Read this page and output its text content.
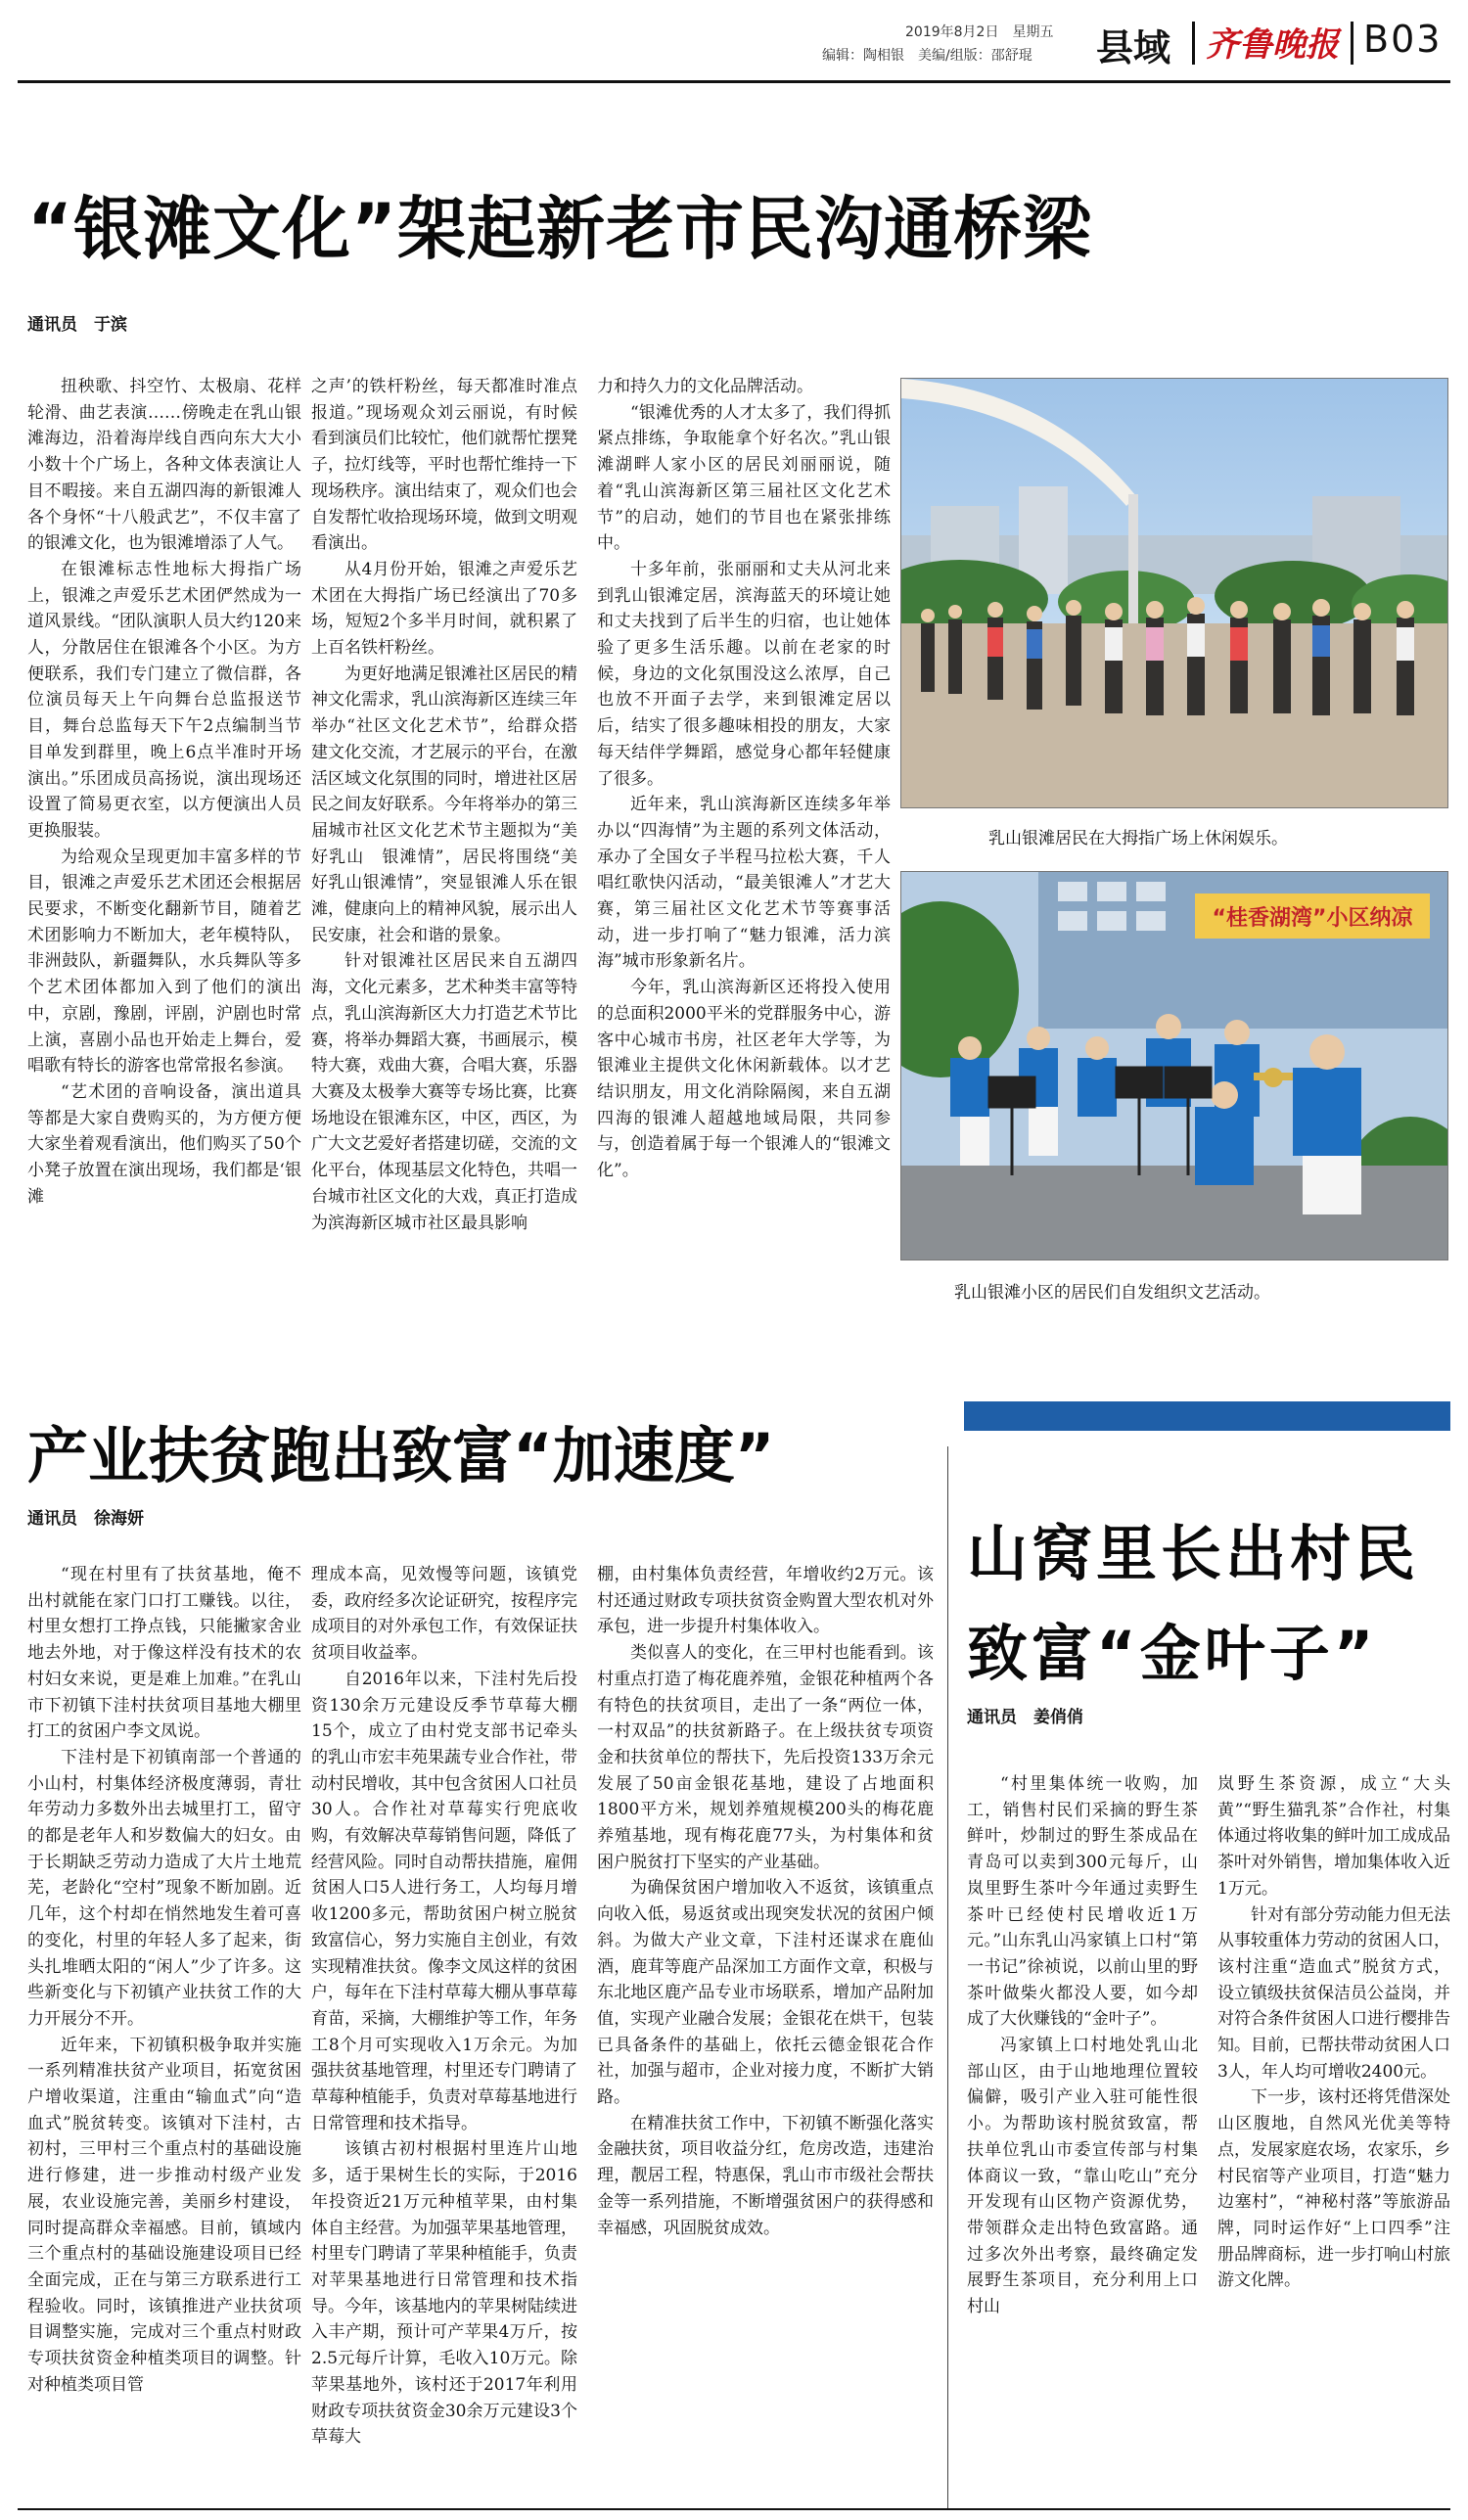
2019年8月2日　星期五
编辑：陶相银　美编/组版：邵舒琨 县域 齐鲁晚报 B03
“银滩文化”架起新老市民沟通桥梁
通讯员　于滨

扭秧歌、抖空竹、太极扇、花样轮滑、曲艺表演……傍晚走在乳山银滩海边，沿着海岸线自西向东大大小小数十个广场上，各种文体表演让人目不暇接。来自五湖四海的新银滩人各个身怀“十八般武艺”，不仅丰富了的银滩文化，也为银滩增添了人气。

在银滩标志性地标大拇指广场上，银滩之声爱乐艺术团俨然成为一道风景线。“团队演职人员大约120来人，分散居住在银滩各个小区。为方便联系，我们专门建立了微信群，各位演员每天上午向舞台总监报送节目，舞台总监每天下午2点编制当节目单发到群里，晚上6点半准时开场演出。”乐团成员高扬说，演出现场还设置了简易更衣室，以方便演出人员更换服装。

为给观众呈现更加丰富多样的节目，银滩之声爱乐艺术团还会根据居民要求，不断变化翻新节目，随着艺术团影响力不断加大，老年模特队，非洲鼓队，新疆舞队，水兵舞队等多个艺术团体都加入到了他们的演出中，京剧，豫剧，评剧，沪剧也时常上演，喜剧小品也开始走上舞台，爱唱歌有特长的游客也常常报名参演。

“艺术团的音响设备，演出道具等都是大家自费购买的，为方便方便大家坐着观看演出，他们购买了50个小凳子放置在演出现场，我们都是‘银滩

之声’的铁杆粉丝，每天都准时准点报道。”现场观众刘云丽说，有时候看到演员们比较忙，他们就帮忙摆凳子，拉灯线等，平时也帮忙维持一下现场秩序。演出结束了，观众们也会自发帮忙收拾现场环境，做到文明观看演出。

从4月份开始，银滩之声爱乐艺术团在大拇指广场已经演出了70多场，短短2个多半月时间，就积累了上百名铁杆粉丝。

为更好地满足银滩社区居民的精神文化需求，乳山滨海新区连续三年举办“社区文化艺术节”，给群众搭建文化交流，才艺展示的平台，在激活区域文化氛围的同时，增进社区居民之间友好联系。今年将举办的第三届城市社区文化艺术节主题拟为“美好乳山　银滩情”，居民将围绕“美好乳山银滩情”，突显银滩人乐在银滩，健康向上的精神风貌，展示出人民安康，社会和谐的景象。

针对银滩社区居民来自五湖四海，文化元素多，艺术种类丰富等特点，乳山滨海新区大力打造艺术节比赛，将举办舞蹈大赛，书画展示，模特大赛，戏曲大赛，合唱大赛，乐器大赛及太极拳大赛等专场比赛，比赛场地设在银滩东区，中区，西区，为广大文艺爱好者搭建切磋，交流的文化平台，体现基层文化特色，共唱一台城市社区文化的大戏，真正打造成为滨海新区城市社区最具影响

力和持久力的文化品牌活动。

“银滩优秀的人才太多了，我们得抓紧点排练，争取能拿个好名次。”乳山银滩湖畔人家小区的居民刘丽丽说，随着“乳山滨海新区第三届社区文化艺术节”的启动，她们的节目也在紧张排练中。

十多年前，张丽丽和丈夫从河北来到乳山银滩定居，滨海蓝天的环境让她和丈夫找到了后半生的归宿，也让她体验了更多生活乐趣。以前在老家的时候，身边的文化氛围没这么浓厚，自己也放不开面子去学，来到银滩定居以后，结实了很多趣味相投的朋友，大家每天结伴学舞蹈，感觉身心都年轻健康了很多。

近年来，乳山滨海新区连续多年举办以“四海情”为主题的系列文体活动，承办了全国女子半程马拉松大赛，千人唱红歌快闪活动，“最美银滩人”才艺大赛，第三届社区文化艺术节等赛事活动，进一步打响了“魅力银滩，活力滨海”城市形象新名片。

今年，乳山滨海新区还将投入使用的总面积2000平米的党群服务中心，游客中心城市书房，社区老年大学等，为银滩业主提供文化休闲新载体。以才艺结识朋友，用文化消除隔阂，来自五湖四海的银滩人超越地域局限，共同参与，创造着属于每一个银滩人的“银滩文化”。

乳山银滩居民在大拇指广场上休闲娱乐。
“桂香湖湾”小区纳凉
乳山银滩小区的居民们自发组织文艺活动。
产业扶贫跑出致富“加速度”
通讯员　徐海妍

“现在村里有了扶贫基地，俺不出村就能在家门口打工赚钱。以往，村里女想打工挣点钱，只能撇家舍业地去外地，对于像这样没有技术的农村妇女来说，更是难上加难。”在乳山市下初镇下洼村扶贫项目基地大棚里打工的贫困户李文凤说。

下洼村是下初镇南部一个普通的小山村，村集体经济极度薄弱，青壮年劳动力多数外出去城里打工，留守的都是老年人和岁数偏大的妇女。由于长期缺乏劳动力造成了大片土地荒芜，老龄化“空村”现象不断加剧。近几年，这个村却在悄然地发生着可喜的变化，村里的年轻人多了起来，街头扎堆晒太阳的“闲人”少了许多。这些新变化与下初镇产业扶贫工作的大力开展分不开。

近年来，下初镇积极争取并实施一系列精准扶贫产业项目，拓宽贫困户增收渠道，注重由“输血式”向“造血式”脱贫转变。该镇对下洼村，古初村，三甲村三个重点村的基础设施进行修建，进一步推动村级产业发展，农业设施完善，美丽乡村建设，同时提高群众幸福感。目前，镇域内三个重点村的基础设施建设项目已经全面完成，正在与第三方联系进行工程验收。同时，该镇推进产业扶贫项目调整实施，完成对三个重点村财政专项扶贫资金种植类项目的调整。针对种植类项目管

理成本高，见效慢等问题，该镇党委，政府经多次论证研究，按程序完成项目的对外承包工作，有效保证扶贫项目收益率。

自2016年以来，下洼村先后投资130余万元建设反季节草莓大棚15个，成立了由村党支部书记牵头的乳山市宏丰苑果蔬专业合作社，带动村民增收，其中包含贫困人口社员30人。合作社对草莓实行兜底收购，有效解决草莓销售问题，降低了经营风险。同时自动帮扶措施，雇佣贫困人口5人进行务工，人均每月增收1200多元，帮助贫困户树立脱贫致富信心，努力实施自主创业，有效实现精准扶贫。像李文凤这样的贫困户，每年在下洼村草莓大棚从事草莓育苗，采摘，大棚维护等工作，年务工8个月可实现收入1万余元。为加强扶贫基地管理，村里还专门聘请了草莓种植能手，负责对草莓基地进行日常管理和技术指导。

该镇古初村根据村里连片山地多，适于果树生长的实际，于2016年投资近21万元种植苹果，由村集体自主经营。为加强苹果基地管理，村里专门聘请了苹果种植能手，负责对苹果基地进行日常管理和技术指导。今年，该基地内的苹果树陆续进入丰产期，预计可产苹果4万斤，按2.5元每斤计算，毛收入10万元。除苹果基地外，该村还于2017年利用财政专项扶贫资金30余万元建设3个草莓大

棚，由村集体负责经营，年增收约2万元。该村还通过财政专项扶贫资金购置大型农机对外承包，进一步提升村集体收入。

类似喜人的变化，在三甲村也能看到。该村重点打造了梅花鹿养殖，金银花种植两个各有特色的扶贫项目，走出了一条“两位一体，一村双品”的扶贫新路子。在上级扶贫专项资金和扶贫单位的帮扶下，先后投资133万余元发展了50亩金银花基地，建设了占地面积1800平方米，规划养殖规模200头的梅花鹿养殖基地，现有梅花鹿77头，为村集体和贫困户脱贫打下坚实的产业基础。

为确保贫困户增加收入不返贫，该镇重点向收入低，易返贫或出现突发状况的贫困户倾斜。为做大产业文章，下洼村还谋求在鹿仙酒，鹿茸等鹿产品深加工方面作文章，积极与东北地区鹿产品专业市场联系，增加产品附加值，实现产业融合发展；金银花在烘干，包装已具备条件的基础上，依托云德金银花合作社，加强与超市，企业对接力度，不断扩大销路。

在精准扶贫工作中，下初镇不断强化落实金融扶贫，项目收益分红，危房改造，违建治理，靓居工程，特惠保，乳山市市级社会帮扶金等一系列措施，不断增强贫困户的获得感和幸福感，巩固脱贫成效。

山窝里长出村民
致富“金叶子”
通讯员　姜俏俏

“村里集体统一收购，加工，销售村民们采摘的野生茶鲜叶，炒制过的野生茶成品在青岛可以卖到300元每斤，山岚里野生茶叶今年通过卖野生茶叶已经使村民增收近1万元。”山东乳山冯家镇上口村“第一书记”徐祯说，以前山里的野茶叶做柴火都没人要，如今却成了大伙赚钱的“金叶子”。

冯家镇上口村地处乳山北部山区，由于山地地理位置较偏僻，吸引产业入驻可能性很小。为帮助该村脱贫致富，帮扶单位乳山市委宣传部与村集体商议一致，“靠山吃山”充分开发现有山区物产资源优势，带领群众走出特色致富路。通过多次外出考察，最终确定发展野生茶项目，充分利用上口村山

岚野生茶资源，成立“大头黄”“野生猫乳茶”合作社，村集体通过将收集的鲜叶加工成成品茶叶对外销售，增加集体收入近1万元。

针对有部分劳动能力但无法从事较重体力劳动的贫困人口，该村注重“造血式”脱贫方式，设立镇级扶贫保洁员公益岗，并对符合条件贫困人口进行樱排告知。目前，已帮扶带动贫困人口3人，年人均可增收2400元。

下一步，该村还将凭借深处山区腹地，自然风光优美等特点，发展家庭农场，农家乐，乡村民宿等产业项目，打造“魅力边塞村”，“神秘村落”等旅游品牌，同时运作好“上口四季”注册品牌商标，进一步打响山村旅游文化牌。
